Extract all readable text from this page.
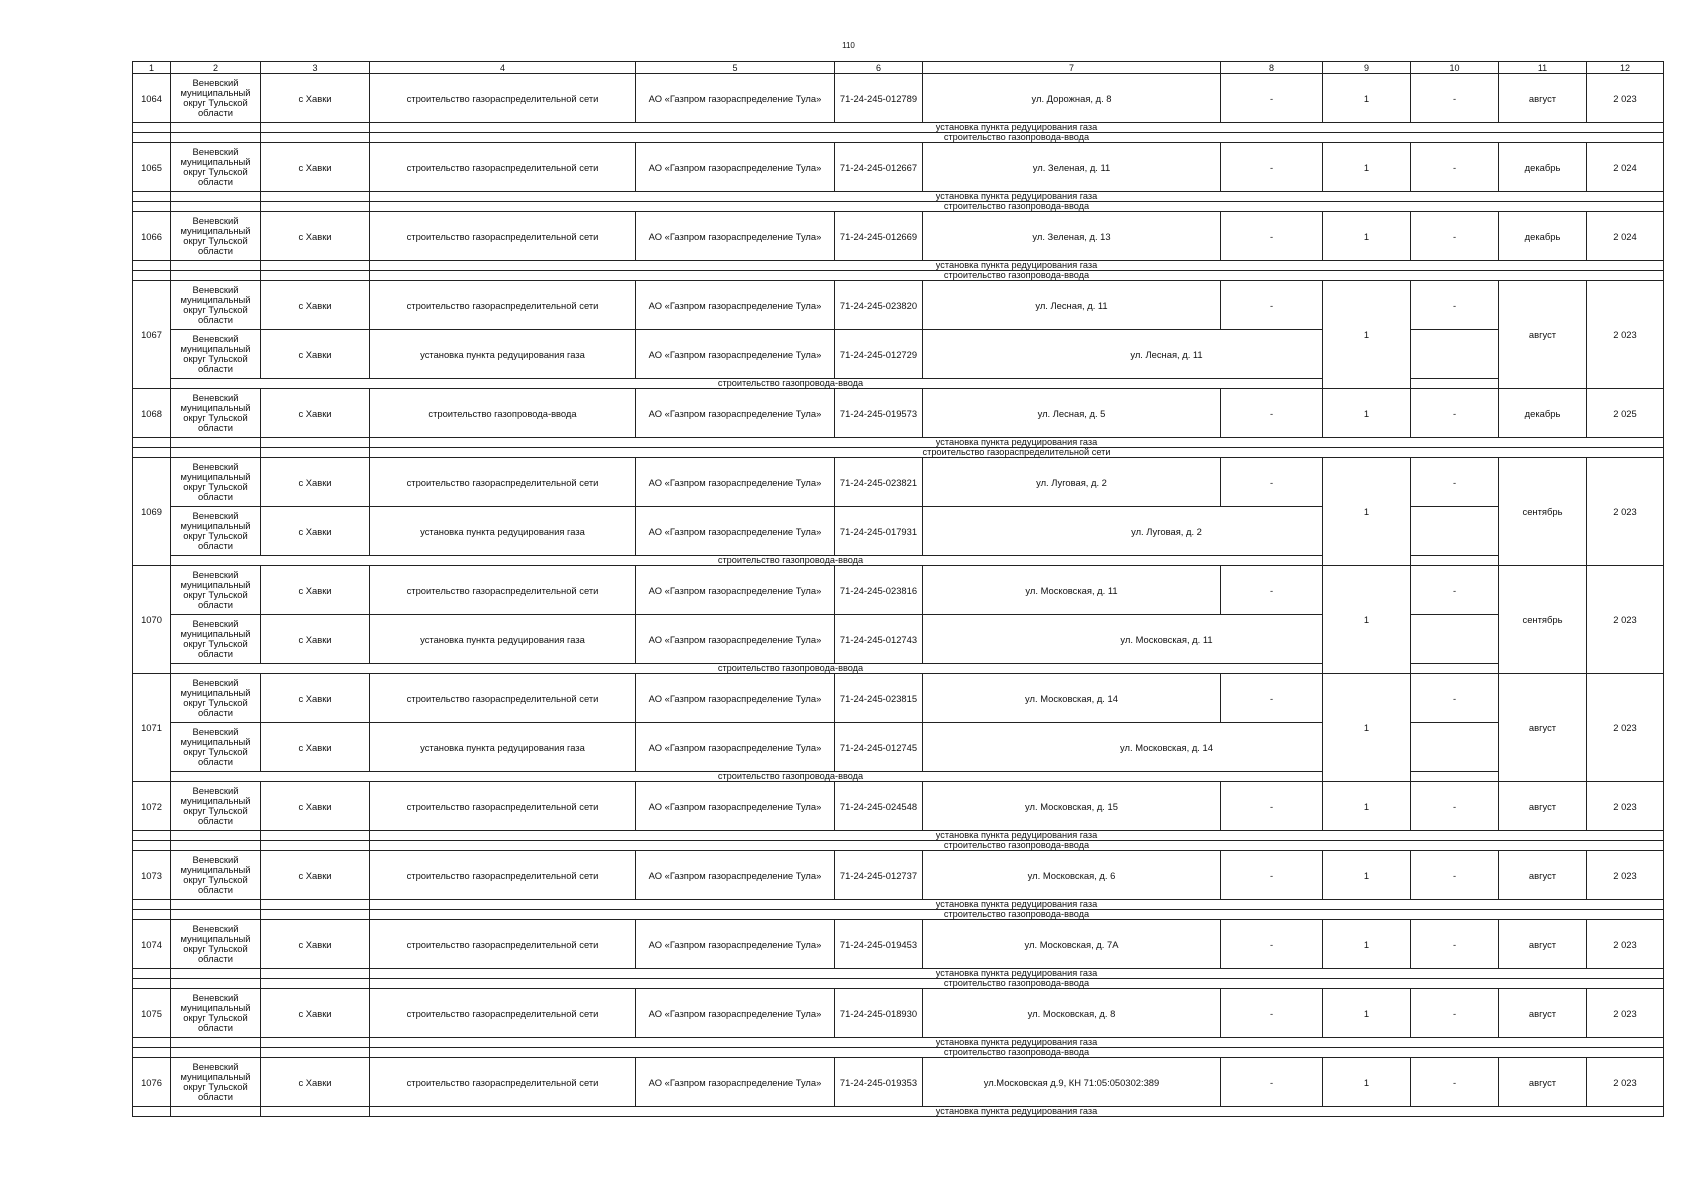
110
1	2	3	4	5	6	7	8	9	10	11	12
1064	Веневский муниципальный округ Тульской области	с Хавки	строительство газораспределительной сети	АО «Газпром газораспределение Тула»	71-24-245-012789	ул. Дорожная, д. 8	-	1	-	август	2 023
			установка пункта редуцирования газа								
			строительство газопровода-ввода								
1065	Веневский муниципальный округ Тульской области	с Хавки	строительство газораспределительной сети	АО «Газпром газораспределение Тула»	71-24-245-012667	ул. Зеленая, д. 11	-	1	-	декабрь	2 024
			установка пункта редуцирования газа								
			строительство газопровода-ввода								
1066	Веневский муниципальный округ Тульской области	с Хавки	строительство газораспределительной сети	АО «Газпром газораспределение Тула»	71-24-245-012669	ул. Зеленая, д. 13	-	1	-	декабрь	2 024
			установка пункта редуцирования газа								
			строительство газопровода-ввода								
1067	Веневский муниципальный округ Тульской области	с Хавки	строительство газораспределительной сети	АО «Газпром газораспределение Тула»	71-24-245-023820	ул. Лесная, д. 11	-	1	-	август	2 023
	Веневский муниципальный округ Тульской области	с Хавки	установка пункта редуцирования газа	АО «Газпром газораспределение Тула»	71-24-245-012729	ул. Лесная, д. 11					
	строительство газопровода-ввода										
1068	Веневский муниципальный округ Тульской области	с Хавки	строительство газопровода-ввода	АО «Газпром газораспределение Тула»	71-24-245-019573	ул. Лесная, д. 5	-	1	-	декабрь	2 025
			установка пункта редуцирования газа								
			строительство газораспределительной сети								
1069	Веневский муниципальный округ Тульской области	с Хавки	строительство газораспределительной сети	АО «Газпром газораспределение Тула»	71-24-245-023821	ул. Луговая, д. 2	-	1	-	сентябрь	2 023
	Веневский муниципальный округ Тульской области	с Хавки	установка пункта редуцирования газа	АО «Газпром газораспределение Тула»	71-24-245-017931	ул. Луговая, д. 2					
	строительство газопровода-ввода										
1070	Веневский муниципальный округ Тульской области	с Хавки	строительство газораспределительной сети	АО «Газпром газораспределение Тула»	71-24-245-023816	ул. Московская, д. 11	-	1	-	сентябрь	2 023
	Веневский муниципальный округ Тульской области	с Хавки	установка пункта редуцирования газа	АО «Газпром газораспределение Тула»	71-24-245-012743	ул. Московская, д. 11					
	строительство газопровода-ввода										
1071	Веневский муниципальный округ Тульской области	с Хавки	строительство газораспределительной сети	АО «Газпром газораспределение Тула»	71-24-245-023815	ул. Московская, д. 14	-	1	-	август	2 023
	Веневский муниципальный округ Тульской области	с Хавки	установка пункта редуцирования газа	АО «Газпром газораспределение Тула»	71-24-245-012745	ул. Московская, д. 14					
	строительство газопровода-ввода										
1072	Веневский муниципальный округ Тульской области	с Хавки	строительство газораспределительной сети	АО «Газпром газораспределение Тула»	71-24-245-024548	ул. Московская, д. 15	-	1	-	август	2 023
			установка пункта редуцирования газа								
			строительство газопровода-ввода								
1073	Веневский муниципальный округ Тульской области	с Хавки	строительство газораспределительной сети	АО «Газпром газораспределение Тула»	71-24-245-012737	ул. Московская, д. 6	-	1	-	август	2 023
			установка пункта редуцирования газа								
			строительство газопровода-ввода								
1074	Веневский муниципальный округ Тульской области	с Хавки	строительство газораспределительной сети	АО «Газпром газораспределение Тула»	71-24-245-019453	ул. Московская, д. 7А	-	1	-	август	2 023
			установка пункта редуцирования газа								
			строительство газопровода-ввода								
1075	Веневский муниципальный округ Тульской области	с Хавки	строительство газораспределительной сети	АО «Газпром газораспределение Тула»	71-24-245-018930	ул. Московская, д. 8	-	1	-	август	2 023
			установка пункта редуцирования газа								
			строительство газопровода-ввода								
1076	Веневский муниципальный округ Тульской области	с Хавки	строительство газораспределительной сети	АО «Газпром газораспределение Тула»	71-24-245-019353	ул.Московская д.9, КН 71:05:050302:389	-	1	-	август	2 023
			установка пункта редуцирования газа								
